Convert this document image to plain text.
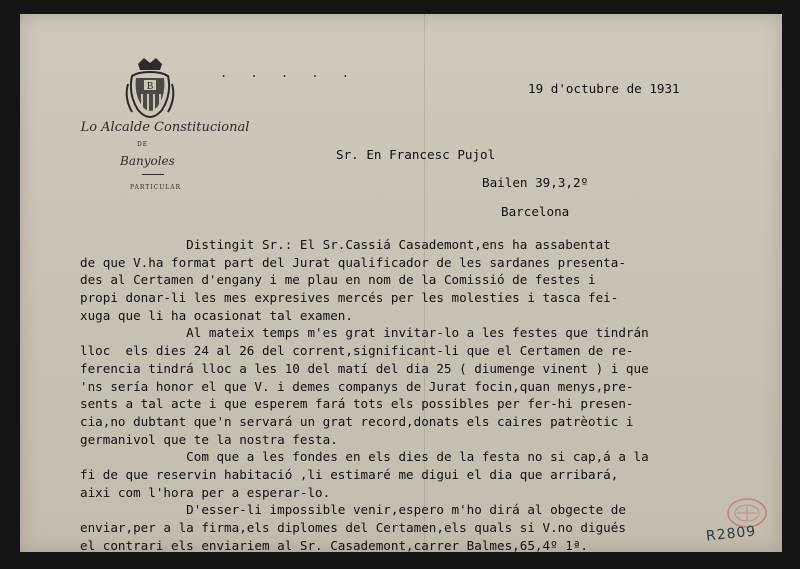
B
. . . . .
Lo Alcalde Constitucional
DE
Banyoles
PARTICULAR
19 d'octubre de 1931
Sr. En Francesc Pujol
Bailen 39,3,2º
Barcelona
Distingit Sr.: El Sr.Cassiá Casademont,ens ha assabentat
de que V.ha format part del Jurat qualificador de les sardanes presenta-
des al Certamen d'engany i me plau en nom de la Comissió de festes i
propi donar-li les mes expresives mercés per les molesties i tasca fei-
xuga que li ha ocasionat tal examen.
Al mateix temps m'es grat invitar-lo a les festes que tindrán
lloc  els dies 24 al 26 del corrent,significant-li que el Certamen de re-
ferencia tindrá lloc a les 10 del matí del dia 25 ( diumenge vinent ) i que
'ns sería honor el que V. i demes companys de Jurat focin,quan menys,pre-
sents a tal acte i que esperem fará tots els possibles per fer-hi presen-
cia,no dubtant que'n servará un grat record,donats els caires patrèotic i
germanivol que te la nostra festa.
Com que a les fondes en els dies de la festa no si cap,á a la
fi de que reservin habitació ,li estimaré me digui el dia que arribará,
aixi com l'hora per a esperar-lo.
D'esser-li impossible venir,espero m'ho dirá al obgecte de
enviar,per a la firma,els diplomes del Certamen,els quals si V.no digués
el contrari els enviariem al Sr. Casademont,carrer Balmes,65,4º 1ª.
R2809
